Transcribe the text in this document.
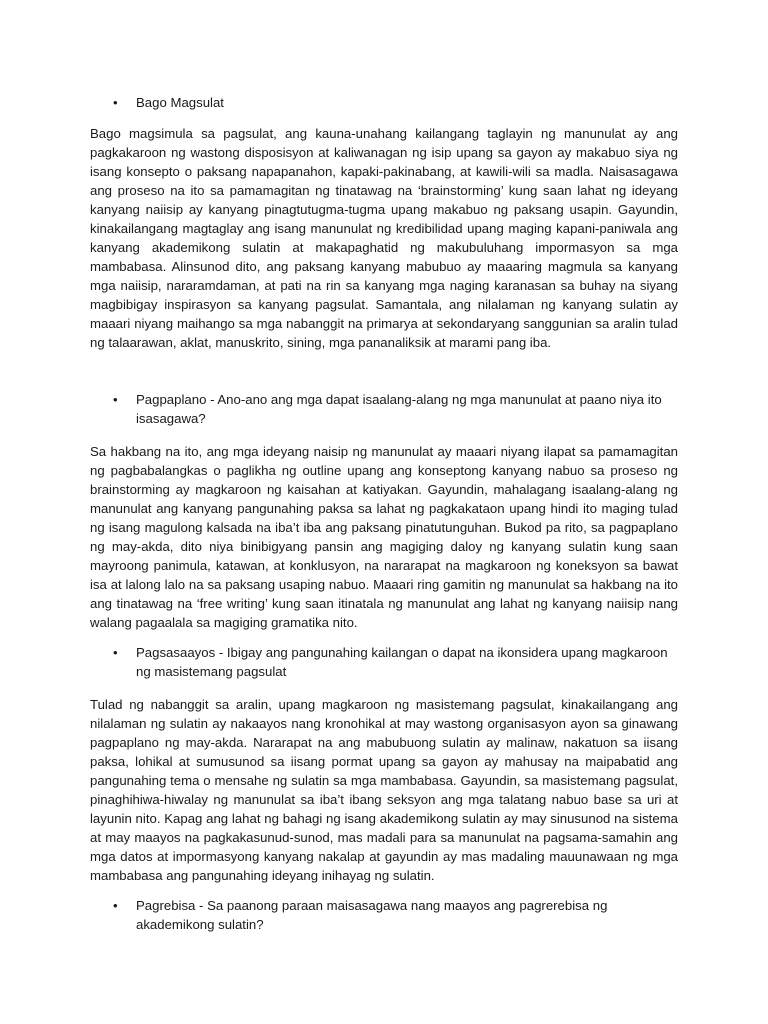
• Bago Magsulat

Bago magsimula sa pagsulat, ang kauna-unahang kailangang taglayin ng manunulat ay ang pagkakaroon ng wastong disposisyon at kaliwanagan ng isip upang sa gayon ay makabuo siya ng isang konsepto o paksang napapanahon, kapaki-pakinabang, at kawili-wili sa madla. Naisasagawa ang proseso na ito sa pamamagitan ng tinatawag na ‘brainstorming’ kung saan lahat ng ideyang kanyang naiisip ay kanyang pinagtutugma-tugma upang makabuo ng paksang usapin. Gayundin, kinakailangang magtaglay ang isang manunulat ng kredibilidad upang maging kapani-paniwala ang kanyang akademikong sulatin at makapaghatid ng makubuluhang impormasyon sa mga mambabasa. Alinsunod dito, ang paksang kanyang mabubuo ay maaaring magmula sa kanyang mga naiisip, nararamdaman, at pati na rin sa kanyang mga naging karanasan sa buhay na siyang magbibigay inspirasyon sa kanyang pagsulat. Samantala, ang nilalaman ng kanyang sulatin ay maaari niyang maihango sa mga nabanggit na primarya at sekondaryang sanggunian sa aralin tulad ng talaarawan, aklat, manuskrito, sining, mga pananaliksik at marami pang iba.

• Pagpaplano - Ano-ano ang mga dapat isaalang-alang ng mga manunulat at paano niya ito isasagawa?

Sa hakbang na ito, ang mga ideyang naisip ng manunulat ay maaari niyang ilapat sa pamamagitan ng pagbabalangkas o paglikha ng outline upang ang konseptong kanyang nabuo sa proseso ng brainstorming ay magkaroon ng kaisahan at katiyakan. Gayundin, mahalagang isaalang-alang ng manunulat ang kanyang pangunahing paksa sa lahat ng pagkakataon upang hindi ito maging tulad ng isang magulong kalsada na iba’t iba ang paksang pinatutunguhan. Bukod pa rito, sa pagpaplano ng may-akda, dito niya binibigyang pansin ang magiging daloy ng kanyang sulatin kung saan mayroong panimula, katawan, at konklusyon, na nararapat na magkaroon ng koneksyon sa bawat isa at lalong lalo na sa paksang usaping nabuo. Maaari ring gamitin ng manunulat sa hakbang na ito ang tinatawag na ‘free writing’ kung saan itinatala ng manunulat ang lahat ng kanyang naiisip nang walang pagaalala sa magiging gramatika nito.

• Pagsasaayos - Ibigay ang pangunahing kailangan o dapat na ikonsidera upang magkaroon ng masistemang pagsulat

Tulad ng nabanggit sa aralin, upang magkaroon ng masistemang pagsulat, kinakailangang ang nilalaman ng sulatin ay nakaayos nang kronohikal at may wastong organisasyon ayon sa ginawang pagpaplano ng may-akda. Nararapat na ang mabubuong sulatin ay malinaw, nakatuon sa iisang paksa, lohikal at sumusunod sa iisang pormat upang sa gayon ay mahusay na maipabatid ang pangunahing tema o mensahe ng sulatin sa mga mambabasa. Gayundin, sa masistemang pagsulat, pinaghihiwa-hiwalay ng manunulat sa iba’t ibang seksyon ang mga talatang nabuo base sa uri at layunin nito. Kapag ang lahat ng bahagi ng isang akademikong sulatin ay may sinusunod na sistema at may maayos na pagkakasunud-sunod, mas madali para sa manunulat na pagsama-samahin ang mga datos at impormasyong kanyang nakalap at gayundin ay mas madaling mauunawaan ng mga mambabasa ang pangunahing ideyang inihayag ng sulatin.

• Pagrebisa - Sa paanong paraan maisasagawa nang maayos ang pagrerebisa ng akademikong sulatin?
